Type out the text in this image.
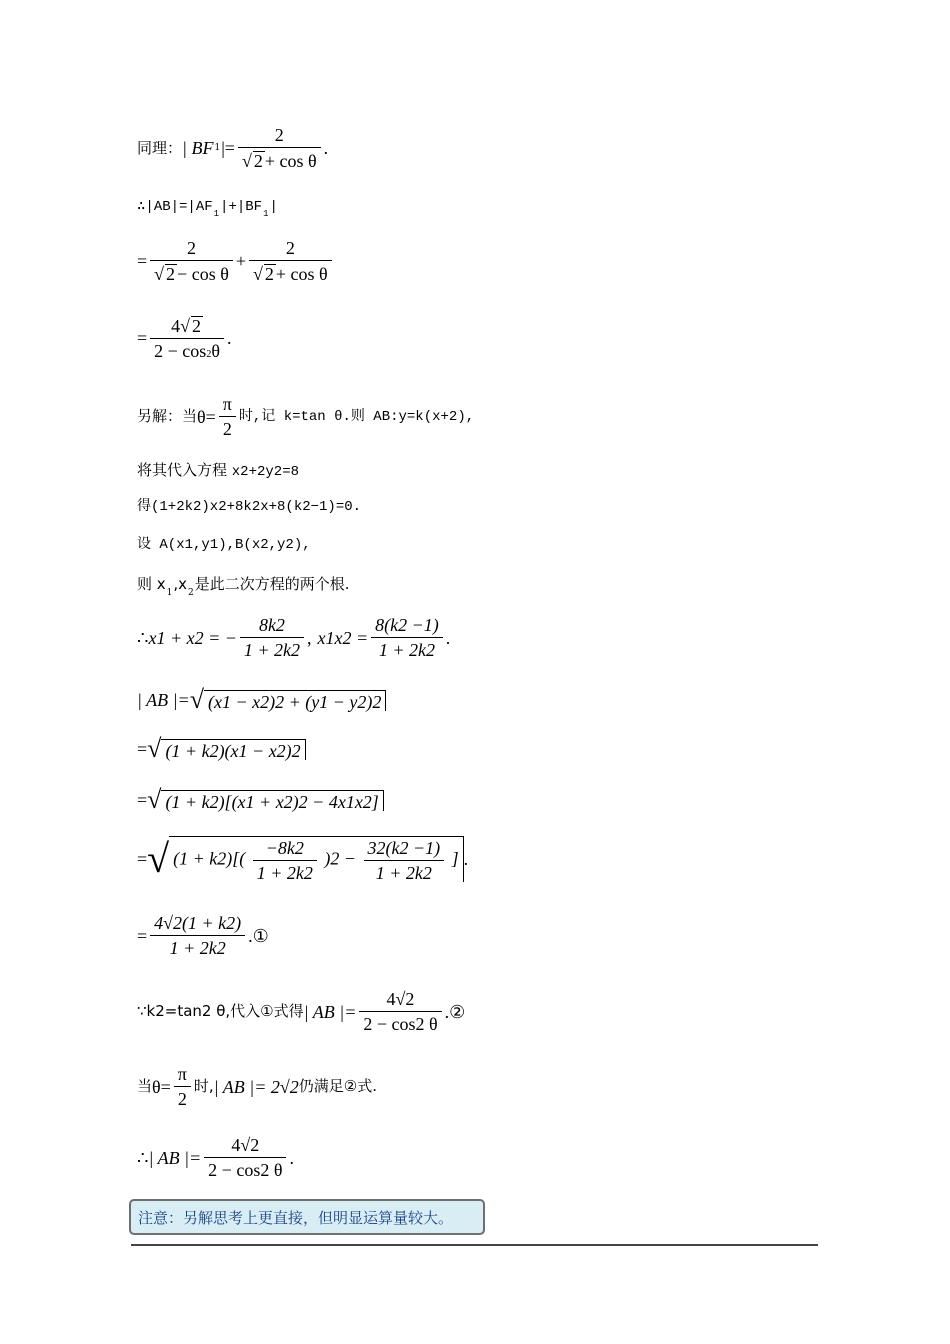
同理： | BF 1 |= $\frac{2}{\text{√ 2 + cos θ}}$ .
$\therefore|AB|=|AF_1|+|BF_1|$
= $\frac{2}{\text{√ 2 − cos θ}} + \frac{2}{\text{√ 2 + cos θ}}$
= $\frac{4√ 2}{2 - \cos 2\theta}$ .
另解：当 $\theta = \frac{\pi}{2}$ 时,记 k=tan θ.则 AB:y=k(x+2),
将其代入方程 x2+2y2=8
得(1+2k2)x2+8k2x+8(k2−1)=0.
设 A(x1,y1),B(x2,y2),
则 $x_1,x_2$是此二次方程的两个根.
∴ x1 + x2 = − $\frac{8k2}{1 + 2k2}$ , $x1x2 = \frac{8(k2 -1)}{1 + 2k2}$ .
| AB |= √ (x1 − x2)2 + (y1 − y2)2
= √ (1 + k2)(x1 − x2)2
= √ (1 + k2)[(x1 + x2)2 − 4x1x2]
= √ $(1 + k2)[( \frac{-8k2}{1 + 2k2} )2 - \frac{32(k2 -1)}{1 + 2k2}$ ] .
= $\frac{4√2(1 + k2)}{1 + 2k2}$ .①
∵k2=tan2 θ,代入①式得 | AB |= $\frac{4√2}{2 - \cos 2 \theta}$ .②
当 $\theta = \frac{\pi}{2}$ 时, | AB |= 2√2 仍满足②式.
∴ | AB |= $\frac{4√2}{2 - \cos 2 \theta}$ .
注意：另解思考上更直接，但明显运算量较大。
